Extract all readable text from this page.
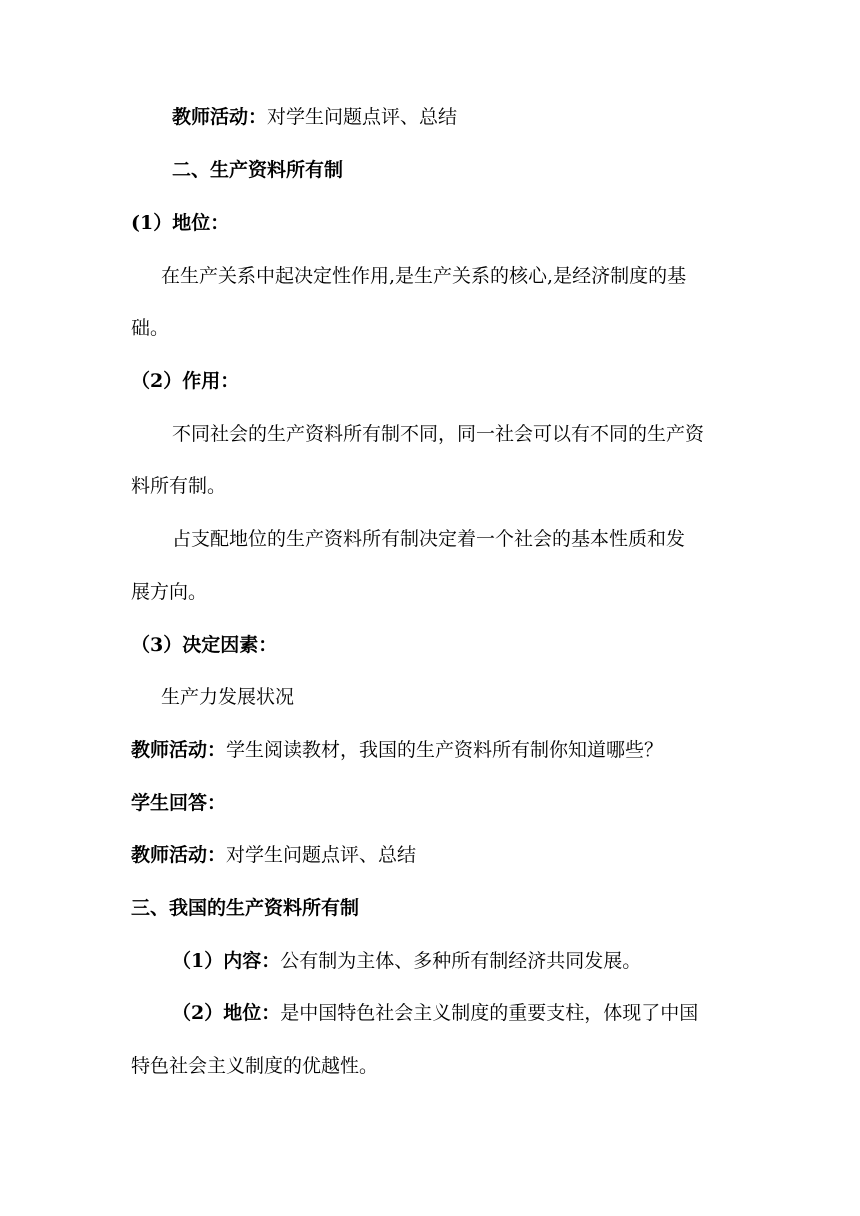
教师活动：对学生问题点评、总结
二、生产资料所有制
(1）地位：
在生产关系中起决定性作用,是生产关系的核心,是经济制度的基
础。
（2）作用：
不同社会的生产资料所有制不同，同一社会可以有不同的生产资
料所有制。
占支配地位的生产资料所有制决定着一个社会的基本性质和发
展方向。
（3）决定因素：
生产力发展状况
教师活动：学生阅读教材，我国的生产资料所有制你知道哪些？
学生回答：
教师活动：对学生问题点评、总结
三、我国的生产资料所有制
（1）内容：公有制为主体、多种所有制经济共同发展。
（2）地位：是中国特色社会主义制度的重要支柱，体现了中国
特色社会主义制度的优越性。
